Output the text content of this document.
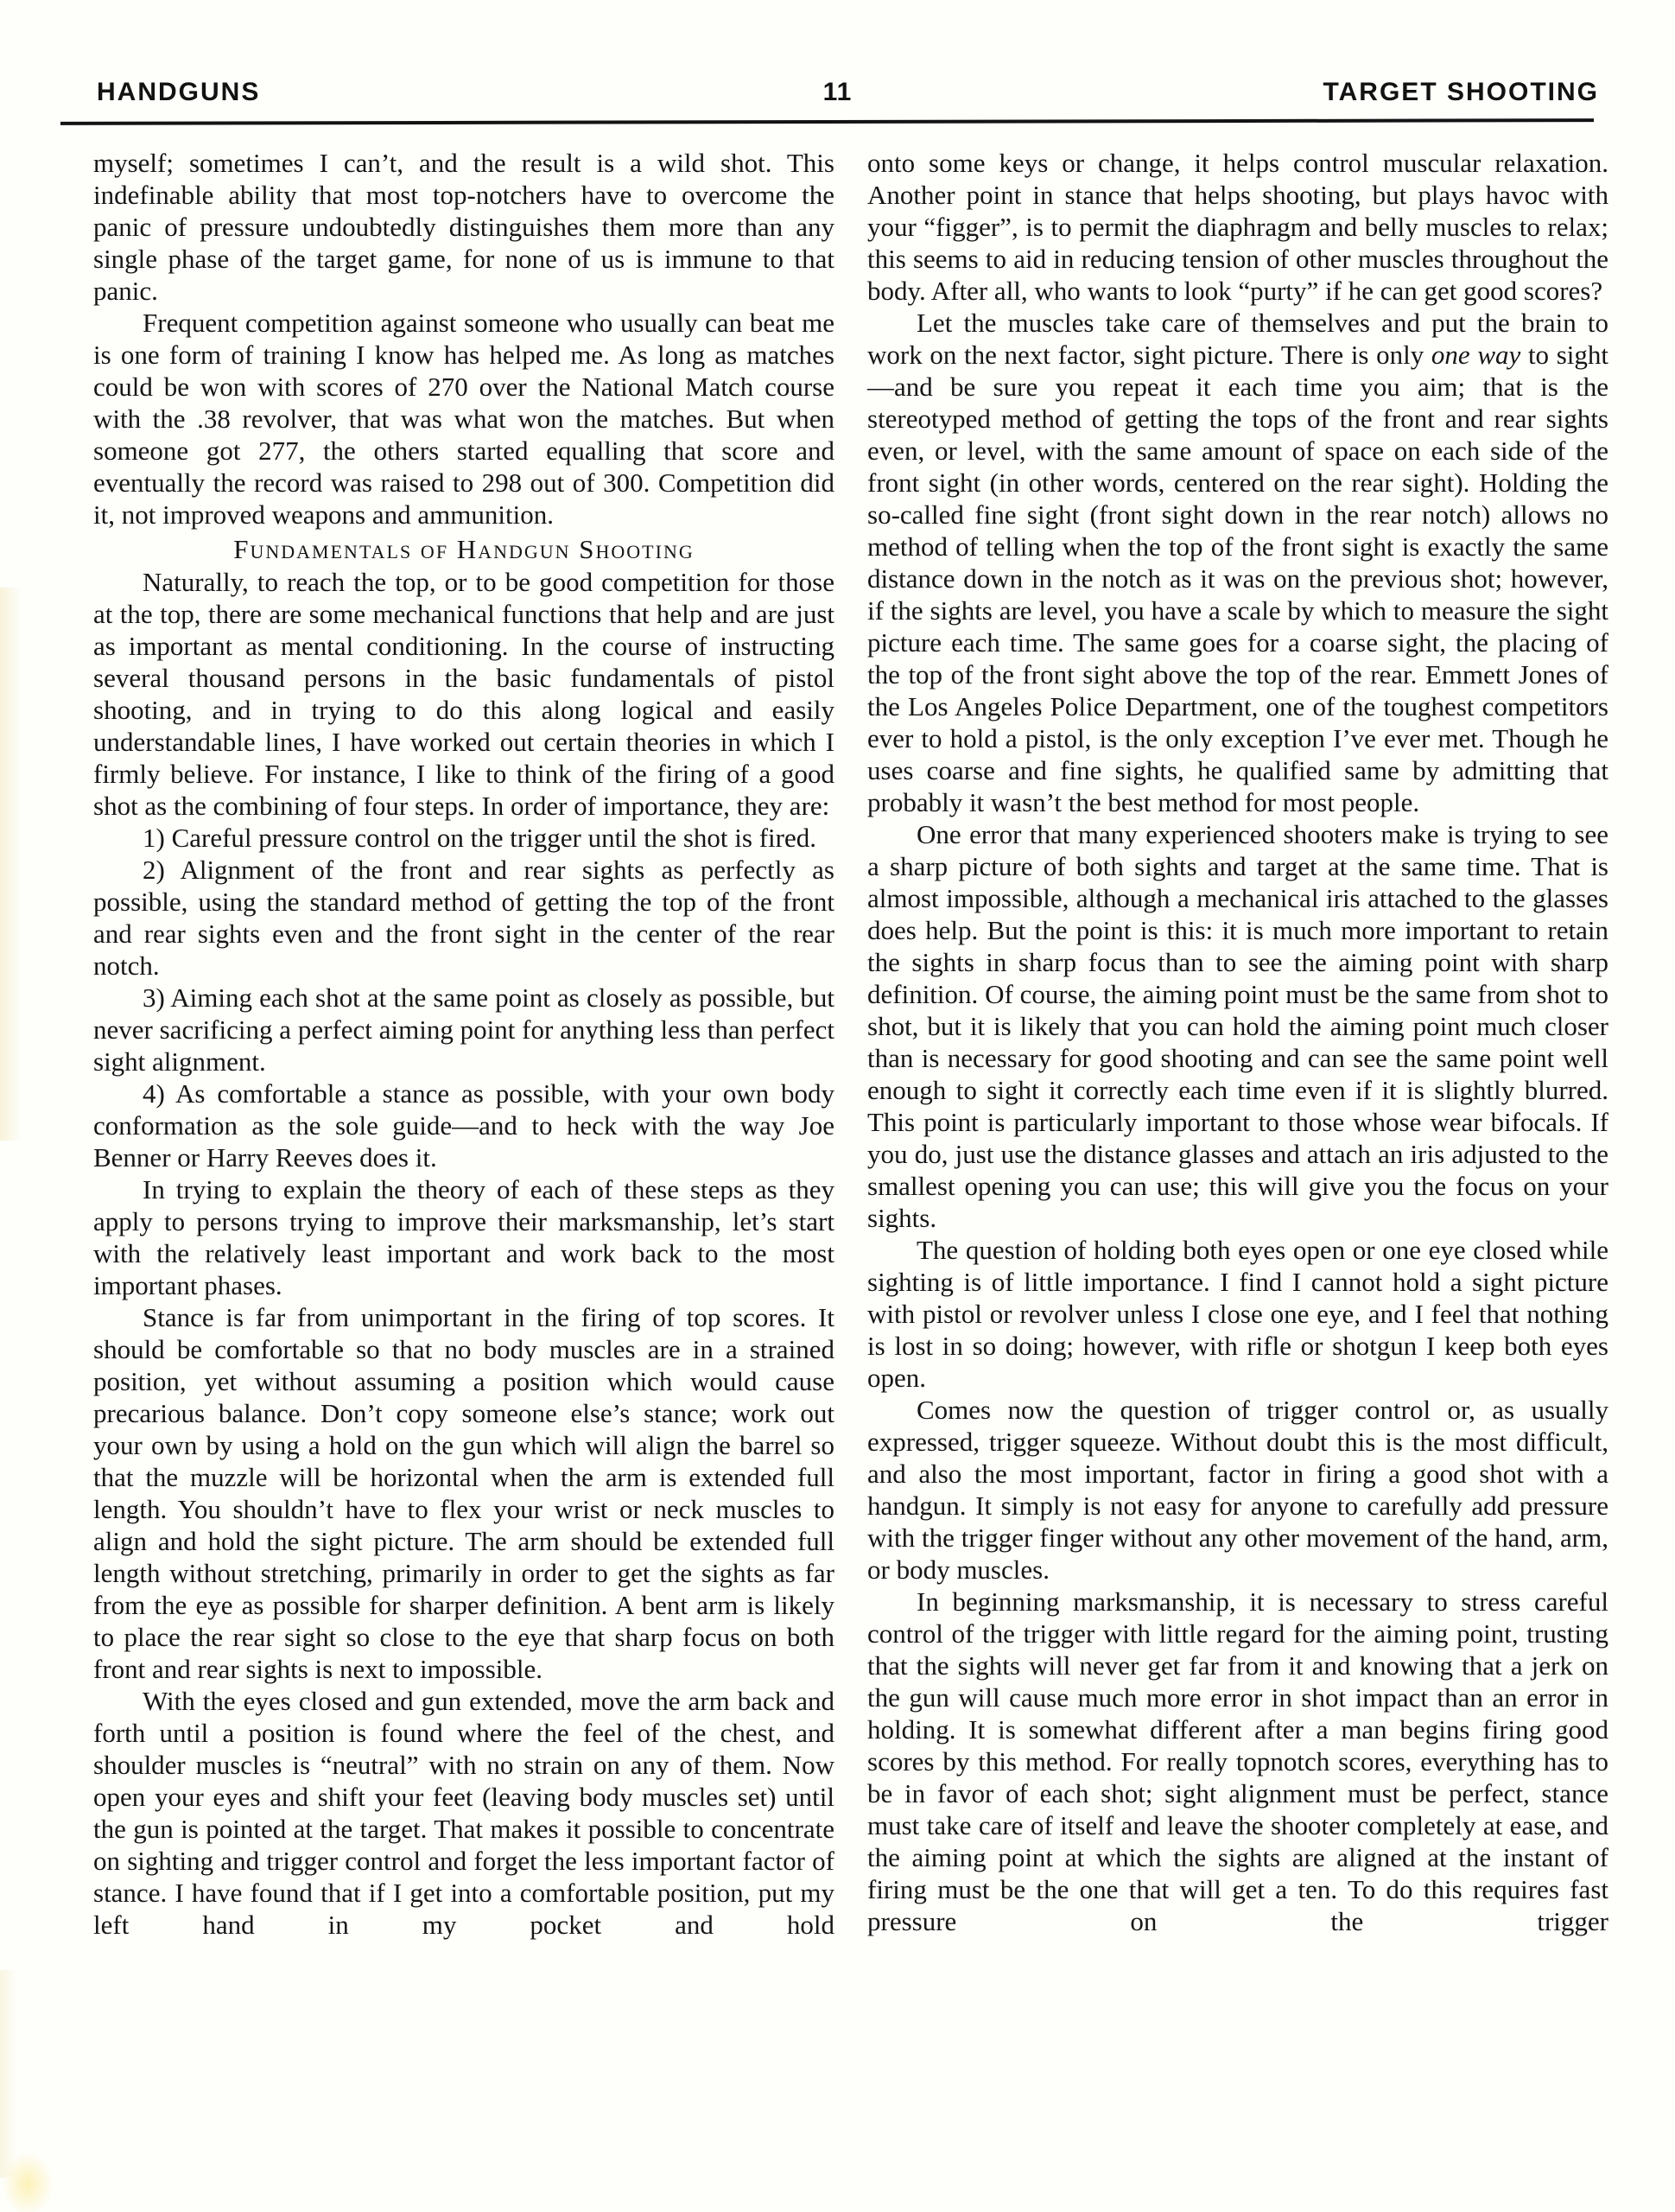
HANDGUNS	11	TARGET SHOOTING

myself; sometimes I can’t, and the result is a wild shot. This indefinable ability that most top-notchers have to overcome the panic of pressure undoubtedly distinguishes them more than any single phase of the target game, for none of us is immune to that panic.

Frequent competition against someone who usually can beat me is one form of training I know has helped me. As long as matches could be won with scores of 270 over the National Match course with the .38 revolver, that was what won the matches. But when someone got 277, the others started equalling that score and eventually the record was raised to 298 out of 300. Competition did it, not improved weapons and ammunition.

Fundamentals of Handgun Shooting

Naturally, to reach the top, or to be good competition for those at the top, there are some mechanical functions that help and are just as important as mental conditioning. In the course of instructing several thousand persons in the basic fundamentals of pistol shooting, and in trying to do this along logical and easily understandable lines, I have worked out certain theories in which I firmly believe. For instance, I like to think of the firing of a good shot as the combining of four steps. In order of importance, they are:

1) Careful pressure control on the trigger until the shot is fired.

2) Alignment of the front and rear sights as perfectly as possible, using the standard method of getting the top of the front and rear sights even and the front sight in the center of the rear notch.

3) Aiming each shot at the same point as closely as possible, but never sacrificing a perfect aiming point for anything less than perfect sight alignment.

4) As comfortable a stance as possible, with your own body conformation as the sole guide—and to heck with the way Joe Benner or Harry Reeves does it.

In trying to explain the theory of each of these steps as they apply to persons trying to improve their marksmanship, let’s start with the relatively least important and work back to the most important phases.

Stance is far from unimportant in the firing of top scores. It should be comfortable so that no body muscles are in a strained position, yet without assuming a position which would cause precarious balance. Don’t copy someone else’s stance; work out your own by using a hold on the gun which will align the barrel so that the muzzle will be horizontal when the arm is extended full length. You shouldn’t have to flex your wrist or neck muscles to align and hold the sight picture. The arm should be extended full length without stretching, primarily in order to get the sights as far from the eye as possible for sharper definition. A bent arm is likely to place the rear sight so close to the eye that sharp focus on both front and rear sights is next to impossible.

With the eyes closed and gun extended, move the arm back and forth until a position is found where the feel of the chest, and shoulder muscles is “neutral” with no strain on any of them. Now open your eyes and shift your feet (leaving body muscles set) until the gun is pointed at the target. That makes it possible to concentrate on sighting and trigger control and forget the less important factor of stance. I have found that if I get into a comfortable position, put my left hand in my pocket and hold

onto some keys or change, it helps control muscular relaxation. Another point in stance that helps shooting, but plays havoc with your “figger”, is to permit the diaphragm and belly muscles to relax; this seems to aid in reducing tension of other muscles throughout the body. After all, who wants to look “purty” if he can get good scores?

Let the muscles take care of themselves and put the brain to work on the next factor, sight picture. There is only one way to sight—and be sure you repeat it each time you aim; that is the stereotyped method of getting the tops of the front and rear sights even, or level, with the same amount of space on each side of the front sight (in other words, centered on the rear sight). Holding the so-called fine sight (front sight down in the rear notch) allows no method of telling when the top of the front sight is exactly the same distance down in the notch as it was on the previous shot; however, if the sights are level, you have a scale by which to measure the sight picture each time. The same goes for a coarse sight, the placing of the top of the front sight above the top of the rear. Emmett Jones of the Los Angeles Police Department, one of the toughest competitors ever to hold a pistol, is the only exception I’ve ever met. Though he uses coarse and fine sights, he qualified same by admitting that probably it wasn’t the best method for most people.

One error that many experienced shooters make is trying to see a sharp picture of both sights and target at the same time. That is almost impossible, although a mechanical iris attached to the glasses does help. But the point is this: it is much more important to retain the sights in sharp focus than to see the aiming point with sharp definition. Of course, the aiming point must be the same from shot to shot, but it is likely that you can hold the aiming point much closer than is necessary for good shooting and can see the same point well enough to sight it correctly each time even if it is slightly blurred. This point is particularly important to those whose wear bifocals. If you do, just use the distance glasses and attach an iris adjusted to the smallest opening you can use; this will give you the focus on your sights.

The question of holding both eyes open or one eye closed while sighting is of little importance. I find I cannot hold a sight picture with pistol or revolver unless I close one eye, and I feel that nothing is lost in so doing; however, with rifle or shotgun I keep both eyes open.

Comes now the question of trigger control or, as usually expressed, trigger squeeze. Without doubt this is the most difficult, and also the most important, factor in firing a good shot with a handgun. It simply is not easy for anyone to carefully add pressure with the trigger finger without any other movement of the hand, arm, or body muscles.

In beginning marksmanship, it is necessary to stress careful control of the trigger with little regard for the aiming point, trusting that the sights will never get far from it and knowing that a jerk on the gun will cause much more error in shot impact than an error in holding. It is somewhat different after a man begins firing good scores by this method. For really topnotch scores, everything has to be in favor of each shot; sight alignment must be perfect, stance must take care of itself and leave the shooter completely at ease, and the aiming point at which the sights are aligned at the instant of firing must be the one that will get a ten. To do this requires fast pressure on the trigger
